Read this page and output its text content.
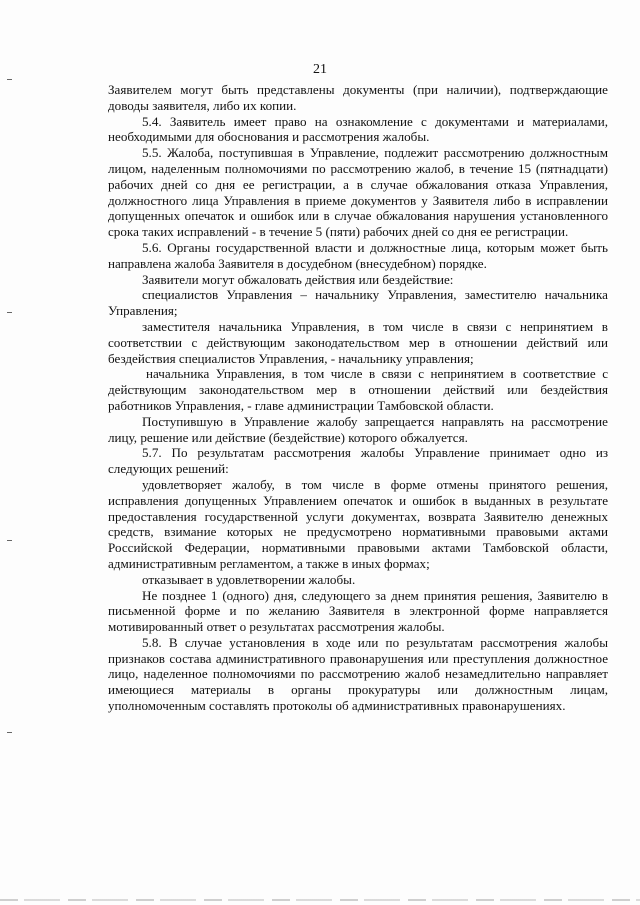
21

Заявителем могут быть представлены документы (при наличии), подтверждающие доводы заявителя, либо их копии.

5.4. Заявитель имеет право на ознакомление с документами и материалами, необходимыми для обоснования и рассмотрения жалобы.

5.5. Жалоба, поступившая в Управление, подлежит рассмотрению должностным лицом, наделенным полномочиями по рассмотрению жалоб, в течение 15 (пятнадцати) рабочих дней со дня ее регистрации, а в случае обжалования отказа Управления, должностного лица Управления в приеме документов у Заявителя либо в исправлении допущенных опечаток и ошибок или в случае обжалования нарушения установленного срока таких исправлений - в течение 5 (пяти) рабочих дней со дня ее регистрации.

5.6. Органы государственной власти и должностные лица, которым может быть направлена жалоба Заявителя в досудебном (внесудебном) порядке.

Заявители могут обжаловать действия или бездействие:

специалистов Управления – начальнику Управления, заместителю начальника Управления;

заместителя начальника Управления, в том числе в связи с непринятием в соответствии с действующим законодательством мер в отношении действий или бездействия специалистов Управления, - начальнику управления;

начальника Управления, в том числе в связи с непринятием в соответствие с действующим законодательством мер в отношении действий или бездействия работников Управления, - главе администрации Тамбовской области.

Поступившую в Управление жалобу запрещается направлять на рассмотрение лицу, решение или действие (бездействие) которого обжалуется.

5.7. По результатам рассмотрения жалобы Управление принимает одно из следующих решений:

удовлетворяет жалобу, в том числе в форме отмены принятого решения, исправления допущенных Управлением опечаток и ошибок в выданных в результате предоставления государственной услуги документах, возврата Заявителю денежных средств, взимание которых не предусмотрено нормативными правовыми актами Российской Федерации, нормативными правовыми актами Тамбовской области, административным регламентом, а также в иных формах;

отказывает в удовлетворении жалобы.

Не позднее 1 (одного) дня, следующего за днем принятия решения, Заявителю в письменной форме и по желанию Заявителя в электронной форме направляется мотивированный ответ о результатах рассмотрения жалобы.

5.8. В случае установления в ходе или по результатам рассмотрения жалобы признаков состава административного правонарушения или преступления должностное лицо, наделенное полномочиями по рассмотрению жалоб незамедлительно направляет имеющиеся материалы в органы прокуратуры или должностным лицам, уполномоченным составлять протоколы об административных правонарушениях.
